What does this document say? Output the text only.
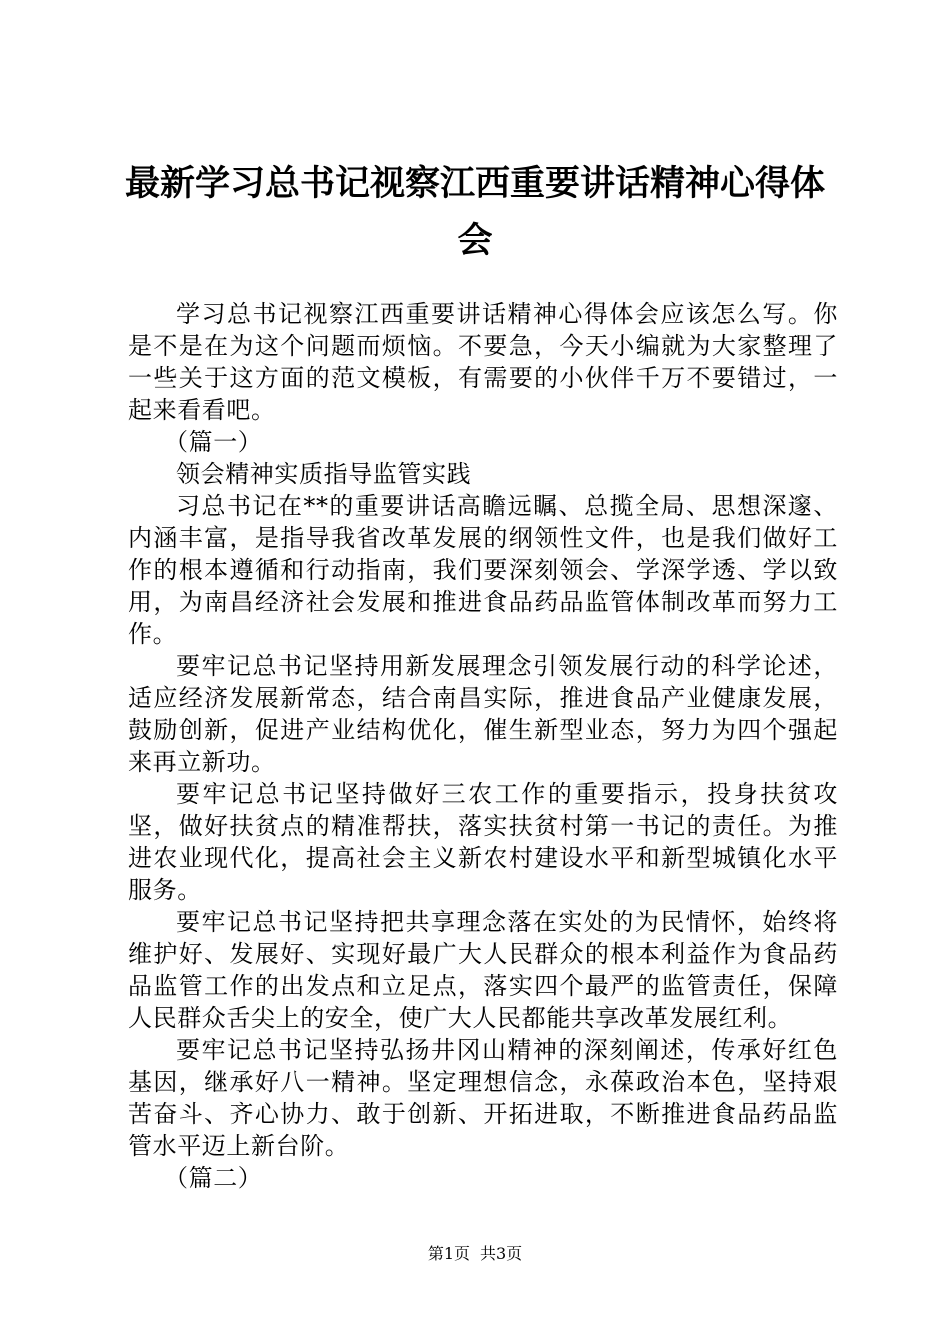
最新学习总书记视察江西重要讲话精神心得体
会

学习总书记视察江西重要讲话精神心得体会应该怎么写。你是不是在为这个问题而烦恼。不要急，今天小编就为大家整理了一些关于这方面的范文模板，有需要的小伙伴千万不要错过，一起来看看吧。

（篇一）

领会精神实质指导监管实践

习总书记在**的重要讲话高瞻远瞩、总揽全局、思想深邃、内涵丰富，是指导我省改革发展的纲领性文件，也是我们做好工作的根本遵循和行动指南，我们要深刻领会、学深学透、学以致用，为南昌经济社会发展和推进食品药品监管体制改革而努力工作。

要牢记总书记坚持用新发展理念引领发展行动的科学论述，适应经济发展新常态，结合南昌实际，推进食品产业健康发展，鼓励创新，促进产业结构优化，催生新型业态，努力为四个强起来再立新功。

要牢记总书记坚持做好三农工作的重要指示，投身扶贫攻坚，做好扶贫点的精准帮扶，落实扶贫村第一书记的责任。为推进农业现代化，提高社会主义新农村建设水平和新型城镇化水平服务。

要牢记总书记坚持把共享理念落在实处的为民情怀，始终将维护好、发展好、实现好最广大人民群众的根本利益作为食品药品监管工作的出发点和立足点，落实四个最严的监管责任，保障人民群众舌尖上的安全，使广大人民都能共享改革发展红利。

要牢记总书记坚持弘扬井冈山精神的深刻阐述，传承好红色基因，继承好八一精神。坚定理想信念，永葆政治本色，坚持艰苦奋斗、齐心协力、敢于创新、开拓进取，不断推进食品药品监管水平迈上新台阶。

（篇二）

第1页 共3页
